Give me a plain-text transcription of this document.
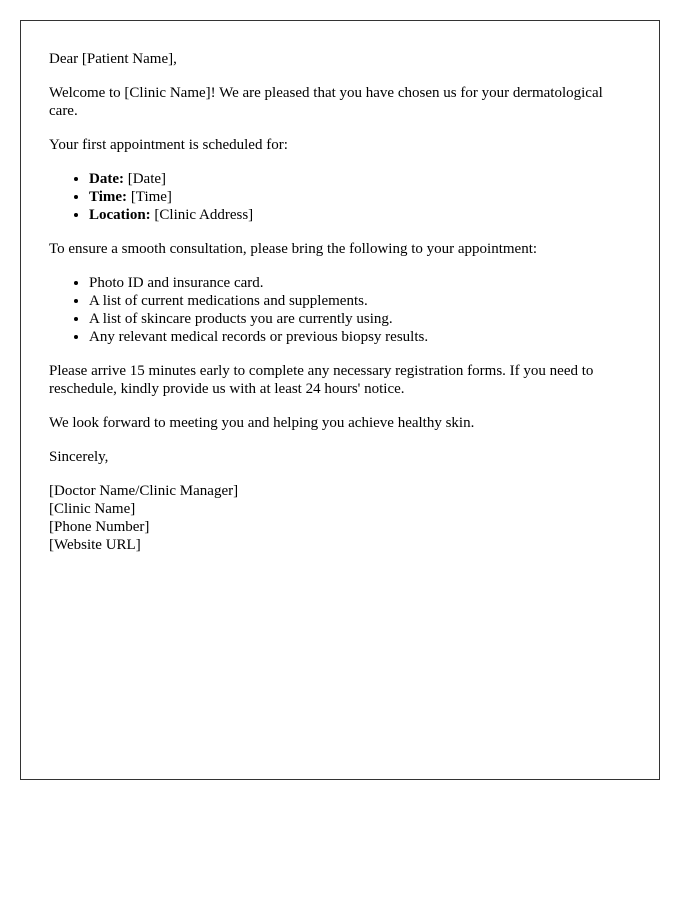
Dear [Patient Name],

Welcome to [Clinic Name]! We are pleased that you have chosen us for your dermatological care.

Your first appointment is scheduled for:

• Date: [Date]
• Time: [Time]
• Location: [Clinic Address]

To ensure a smooth consultation, please bring the following to your appointment:

• Photo ID and insurance card.
• A list of current medications and supplements.
• A list of skincare products you are currently using.
• Any relevant medical records or previous biopsy results.

Please arrive 15 minutes early to complete any necessary registration forms. If you need to reschedule, kindly provide us with at least 24 hours' notice.

We look forward to meeting you and helping you achieve healthy skin.

Sincerely,

[Doctor Name/Clinic Manager]

[Clinic Name]

[Phone Number]

[Website URL]
